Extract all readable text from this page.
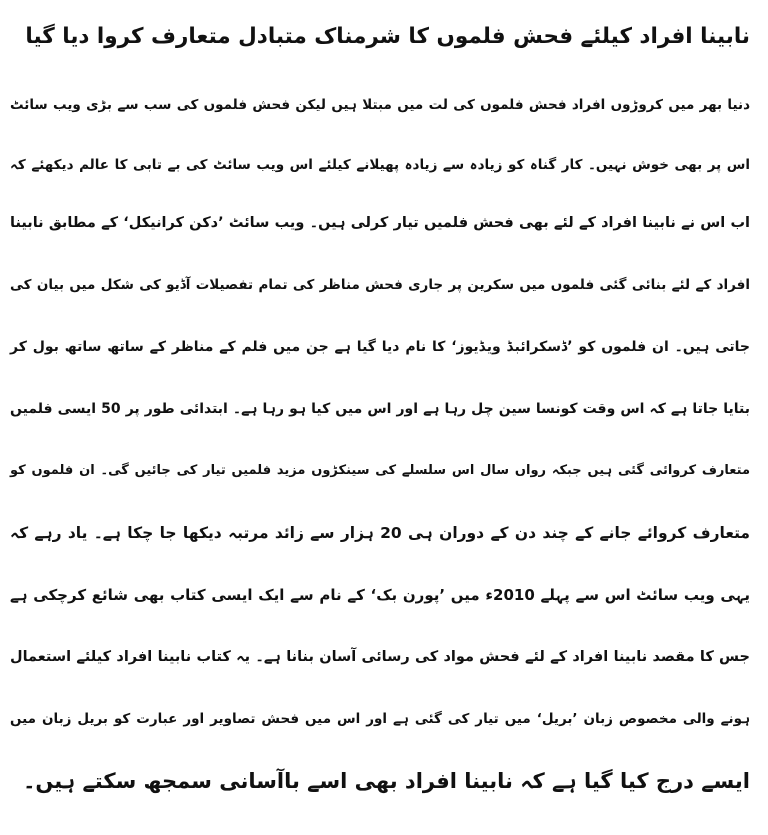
نابینا افراد کیلئے فحش فلموں کا شرمناک متبادل متعارف کروا دیا گیا
دنیا بھر میں کروڑوں افراد فحش فلموں کی لت میں مبتلا ہیں لیکن فحش فلموں کی سب سے بڑی ویب سائٹ
اس پر بھی خوش نہیں۔ کار گناہ کو زیادہ سے زیادہ پھیلانے کیلئے اس ویب سائٹ کی بے تابی کا عالم دیکھئے کہ
اب اس نے نابینا افراد کے لئے بھی فحش فلمیں تیار کرلی ہیں۔ ویب سائٹ ’دکن کرانیکل‘ کے مطابق نابینا
افراد کے لئے بنائی گئی فلموں میں سکرین پر جاری فحش مناظر کی تمام تفصیلات آڈیو کی شکل میں بیان کی
جاتی ہیں۔ ان فلموں کو ’ڈسکرائبڈ ویڈیوز‘ کا نام دیا گیا ہے جن میں فلم کے مناظر کے ساتھ ساتھ بول کر
بتایا جاتا ہے کہ اس وقت کونسا سین چل رہا ہے اور اس میں کیا ہو رہا ہے۔ ابتدائی طور پر 50 ایسی فلمیں
متعارف کروائی گئی ہیں جبکہ رواں سال اس سلسلے کی سینکڑوں مزید فلمیں تیار کی جائیں گی۔ ان فلموں کو
متعارف کروائے جانے کے چند دن کے دوران ہی 20 ہزار سے زائد مرتبہ دیکھا جا چکا ہے۔ یاد رہے کہ
یہی ویب سائٹ اس سے پہلے 2010ء میں ’پورن بک‘ کے نام سے ایک ایسی کتاب بھی شائع کرچکی ہے
جس کا مقصد نابینا افراد کے لئے فحش مواد کی رسائی آسان بنانا ہے۔ یہ کتاب نابینا افراد کیلئے استعمال
ہونے والی مخصوص زبان ’بریل‘ میں تیار کی گئی ہے اور اس میں فحش تصاویر اور عبارت کو بریل زبان میں
ایسے درج کیا گیا ہے کہ نابینا افراد بھی اسے باآسانی سمجھ سکتے ہیں۔
